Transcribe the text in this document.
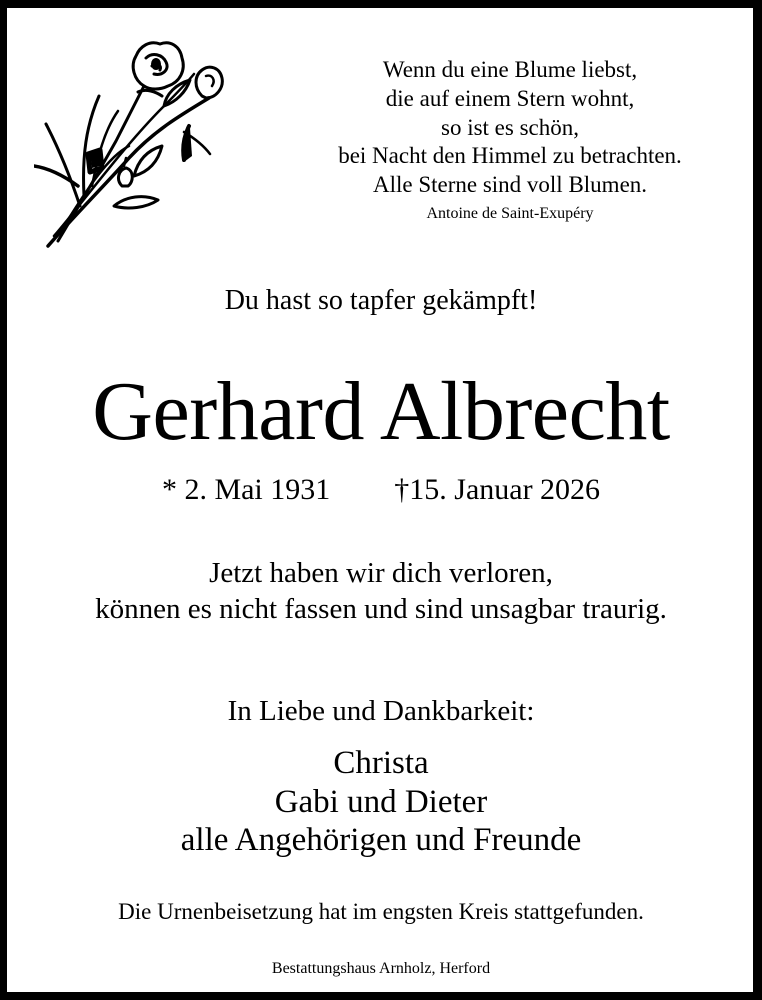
Wenn du eine Blume liebst,
die auf einem Stern wohnt,
so ist es schön,
bei Nacht den Himmel zu betrachten.
Alle Sterne sind voll Blumen.
Antoine de Saint-Exupéry
Du hast so tapfer gekämpft!
Gerhard Albrecht
* 2. Mai 1931 †15. Januar 2026
Jetzt haben wir dich verloren,
können es nicht fassen und sind unsagbar traurig.
In Liebe und Dankbarkeit:
Christa
Gabi und Dieter
alle Angehörigen und Freunde
Die Urnenbeisetzung hat im engsten Kreis stattgefunden.
Bestattungshaus Arnholz, Herford
